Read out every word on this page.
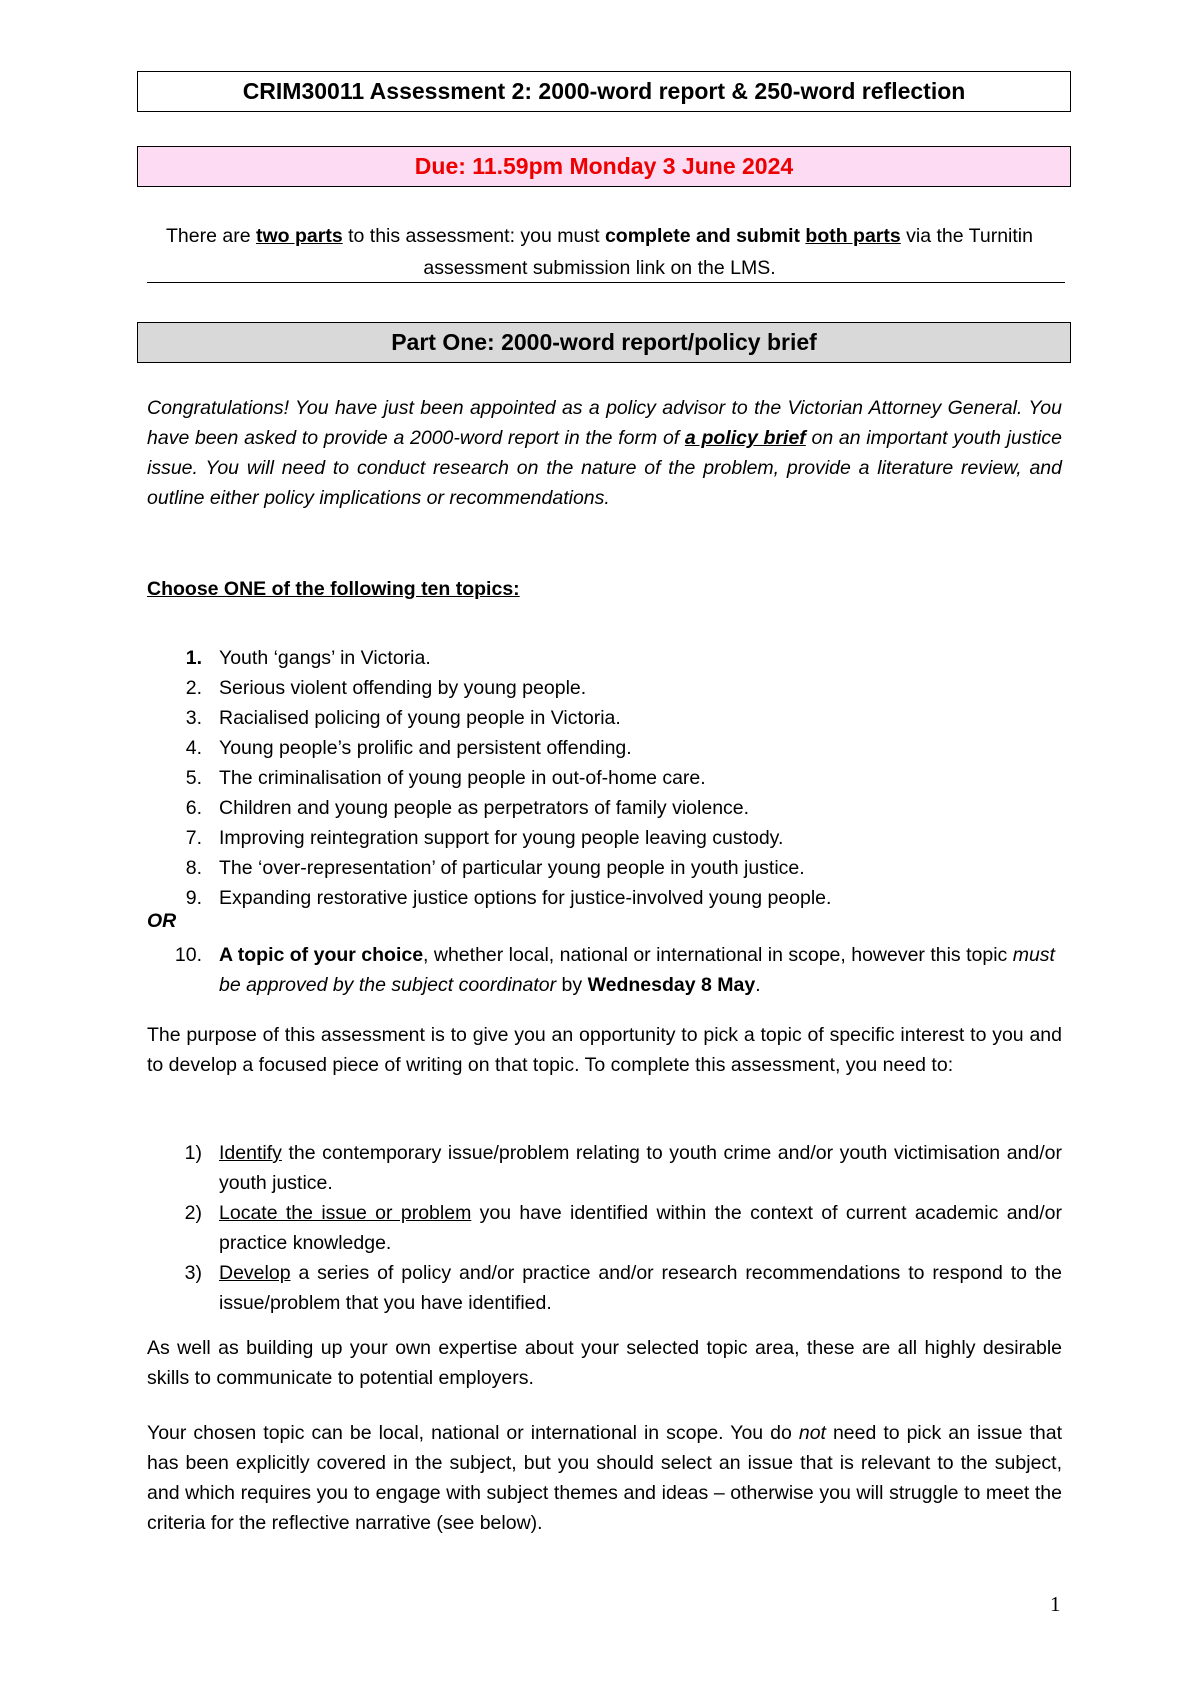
CRIM30011 Assessment 2: 2000-word report & 250-word reflection
Due: 11.59pm Monday 3 June 2024
There are two parts to this assessment: you must complete and submit both parts via the Turnitin assessment submission link on the LMS.
Part One: 2000-word report/policy brief

Congratulations! You have just been appointed as a policy advisor to the Victorian Attorney General. You have been asked to provide a 2000-word report in the form of a policy brief on an important youth justice issue. You will need to conduct research on the nature of the problem, provide a literature review, and outline either policy implications or recommendations.

Choose ONE of the following ten topics:
1. Youth ‘gangs’ in Victoria.
2. Serious violent offending by young people.
3. Racialised policing of young people in Victoria.
4. Young people’s prolific and persistent offending.
5. The criminalisation of young people in out-of-home care.
6. Children and young people as perpetrators of family violence.
7. Improving reintegration support for young people leaving custody.
8. The ‘over-representation’ of particular young people in youth justice.
9. Expanding restorative justice options for justice-involved young people.
OR
10. A topic of your choice, whether local, national or international in scope, however this topic must be approved by the subject coordinator by Wednesday 8 May.

The purpose of this assessment is to give you an opportunity to pick a topic of specific interest to you and to develop a focused piece of writing on that topic. To complete this assessment, you need to:

1) Identify the contemporary issue/problem relating to youth crime and/or youth victimisation and/or youth justice.
2) Locate the issue or problem you have identified within the context of current academic and/or practice knowledge.
3) Develop a series of policy and/or practice and/or research recommendations to respond to the issue/problem that you have identified.

As well as building up your own expertise about your selected topic area, these are all highly desirable skills to communicate to potential employers.

Your chosen topic can be local, national or international in scope. You do not need to pick an issue that has been explicitly covered in the subject, but you should select an issue that is relevant to the subject, and which requires you to engage with subject themes and ideas – otherwise you will struggle to meet the criteria for the reflective narrative (see below).

1
